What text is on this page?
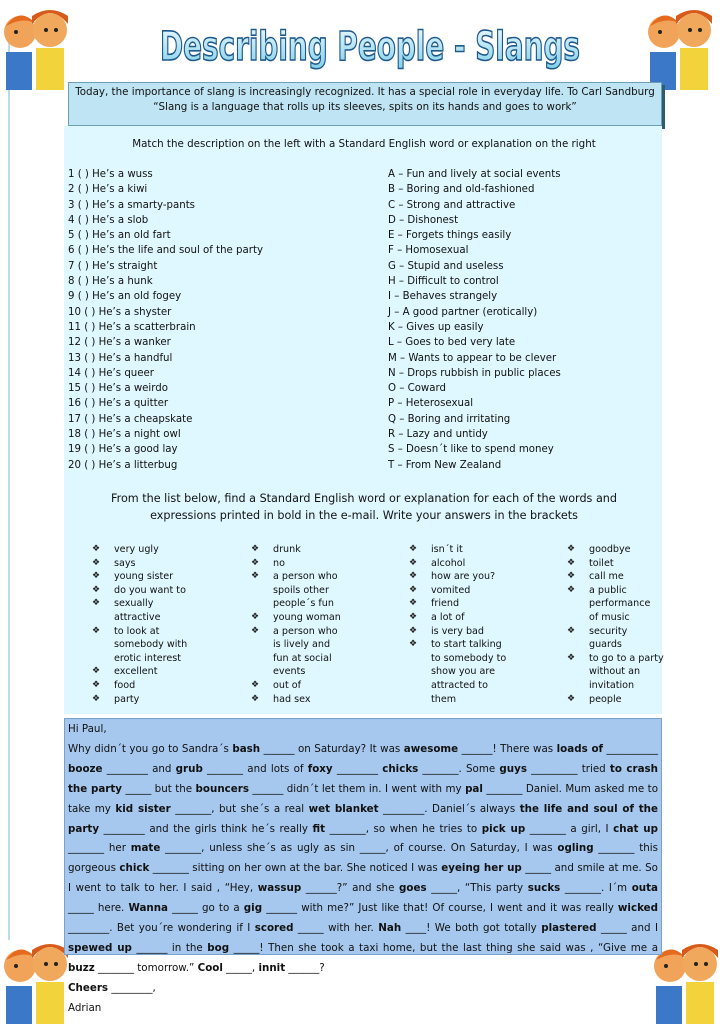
Describing People - Slangs
Today, the importance of slang is increasingly recognized. It has a special role in everyday life. To Carl Sandburg “Slang is a language that rolls up its sleeves, spits on its hands and goes to work”
Match the description on the left with a Standard English word or explanation on the right
1 ( ) He’s a wuss
2 ( ) He’s a kiwi
3 ( ) He’s a smarty-pants
4 ( ) He’s a slob
5 ( ) He’s an old fart
6 ( ) He’s the life and soul of the party
7 ( ) He’s straight
8 ( ) He’s a hunk
9 ( ) He’s an old fogey
10 ( ) He’s a shyster
11 ( ) He’s a scatterbrain
12 ( ) He’s a wanker
13 ( ) He’s a handful
14 ( ) He’s queer
15 ( ) He’s a weirdo
16 ( ) He’s a quitter
17 ( ) He’s a cheapskate
18 ( ) He’s a night owl
19 ( ) He’s a good lay
20 ( ) He’s a litterbug
A – Fun and lively at social events
B – Boring and old-fashioned
C – Strong and attractive
D – Dishonest
E – Forgets things easily
F – Homosexual
G – Stupid and useless
H – Difficult to control
I – Behaves strangely
J – A good partner (erotically)
K – Gives up easily
L – Goes to bed very late
M – Wants to appear to be clever
N – Drops rubbish in public places
O – Coward
P – Heterosexual
Q – Boring and irritating
R – Lazy and untidy
S – Doesn´t like to spend money
T – From New Zealand
From the list below, find a Standard English word or explanation for each of the words and expressions printed in bold in the e-mail. Write your answers in the brackets
❖ very ugly
❖ says
❖ young sister
❖ do you want to
❖ sexually attractive
❖ to look at somebody with erotic interest
❖ excellent
❖ food
❖ party
❖ drunk
❖ no
❖ a person who spoils other people´s fun
❖ young woman
❖ a person who is lively and fun at social events
❖ out of
❖ had sex
❖ isn´t it
❖ alcohol
❖ how are you?
❖ vomited
❖ friend
❖ a lot of
❖ is very bad
❖ to start talking to somebody to show you are attracted to them
❖ goodbye
❖ toilet
❖ call me
❖ a public performance of music
❖ security guards
❖ to go to a party without an invitation
❖ people
Hi Paul,
Why didn´t you go to Sandra´s bash ______ on Saturday? It was awesome ______! There was loads of __________ booze ________ and grub _______ and lots of foxy ________ chicks _______. Some guys _________ tried to crash the party _____ but the bouncers ______ didn´t let them in. I went with my pal _______ Daniel. Mum asked me to take my kid sister _______, but she´s a real wet blanket ________. Daniel´s always the life and soul of the party ________ and the girls think he´s really fit _______, so when he tries to pick up _______ a girl, I chat up _______ her mate _______, unless she´s as ugly as sin _____, of course. On Saturday, I was ogling _______ this gorgeous chick _______ sitting on her own at the bar. She noticed I was eyeing her up _____ and smile at me. So I went to talk to her. I said , “Hey, wassup ______?” and she goes _____, “This party sucks _______. I´m outa _____ here. Wanna _____ go to a gig ______ with me?” Just like that! Of course, I went and it was really wicked ________. Bet you´re wondering if I scored _____ with her. Nah ____! We both got totally plastered _____ and I spewed up ______ in the bog _____! Then she took a taxi home, but the last thing she said was , “Give me a buzz _______ tomorrow.” Cool _____, innit ______?
Cheers ________,
Adrian
